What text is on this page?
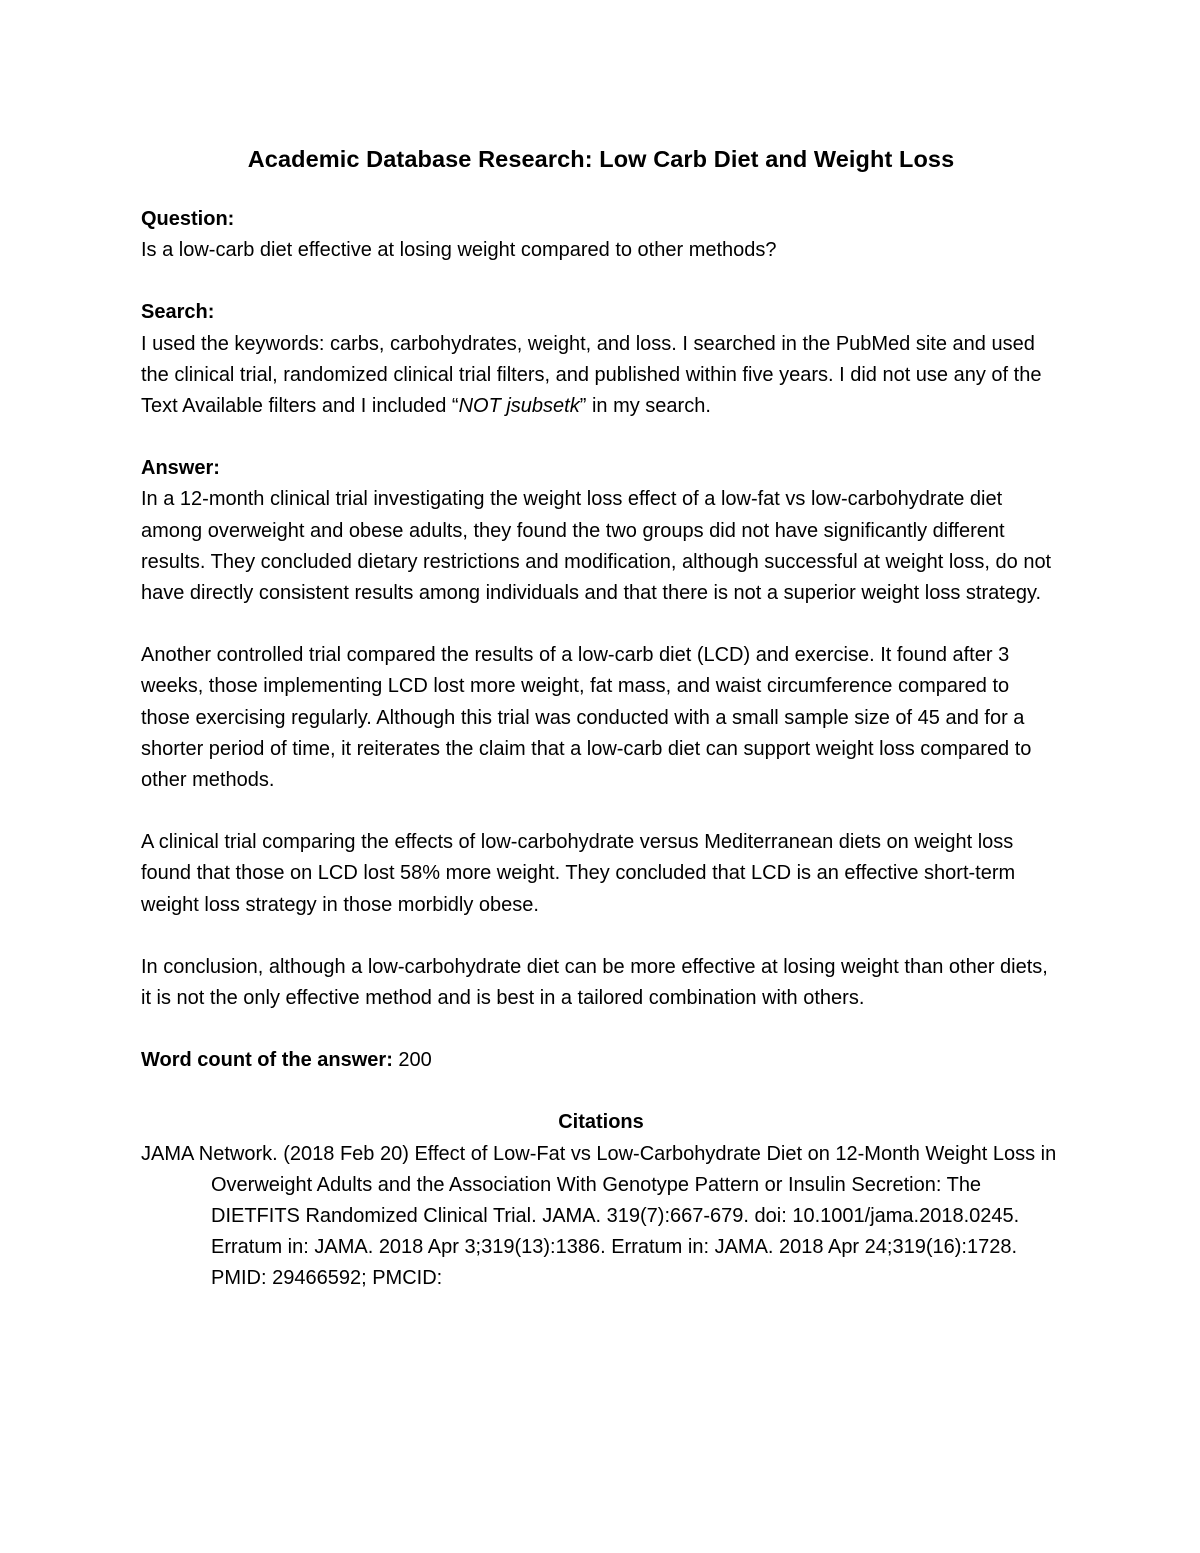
Academic Database Research: Low Carb Diet and Weight Loss

Question:

Is a low-carb diet effective at losing weight compared to other methods?

Search:

I used the keywords: carbs, carbohydrates, weight, and loss. I searched in the PubMed site and used the clinical trial, randomized clinical trial filters, and published within five years. I did not use any of the Text Available filters and I included “NOT jsubsetk” in my search.

Answer:

In a 12-month clinical trial investigating the weight loss effect of a low-fat vs low-carbohydrate diet among overweight and obese adults, they found the two groups did not have significantly different results. They concluded dietary restrictions and modification, although successful at weight loss, do not have directly consistent results among individuals and that there is not a superior weight loss strategy.

Another controlled trial compared the results of a low-carb diet (LCD) and exercise. It found after 3 weeks, those implementing LCD lost more weight, fat mass, and waist circumference compared to those exercising regularly. Although this trial was conducted with a small sample size of 45 and for a shorter period of time, it reiterates the claim that a low-carb diet can support weight loss compared to other methods.

A clinical trial comparing the effects of low-carbohydrate versus Mediterranean diets on weight loss found that those on LCD lost 58% more weight. They concluded that LCD is an effective short-term weight loss strategy in those morbidly obese.

In conclusion, although a low-carbohydrate diet can be more effective at losing weight than other diets, it is not the only effective method and is best in a tailored combination with others.

Word count of the answer: 200

Citations

JAMA Network. (2018 Feb 20) Effect of Low-Fat vs Low-Carbohydrate Diet on 12-Month Weight Loss in Overweight Adults and the Association With Genotype Pattern or Insulin Secretion: The DIETFITS Randomized Clinical Trial. JAMA. 319(7):667-679. doi: 10.1001/jama.2018.0245. Erratum in: JAMA. 2018 Apr 3;319(13):1386. Erratum in: JAMA. 2018 Apr 24;319(16):1728. PMID: 29466592; PMCID:
